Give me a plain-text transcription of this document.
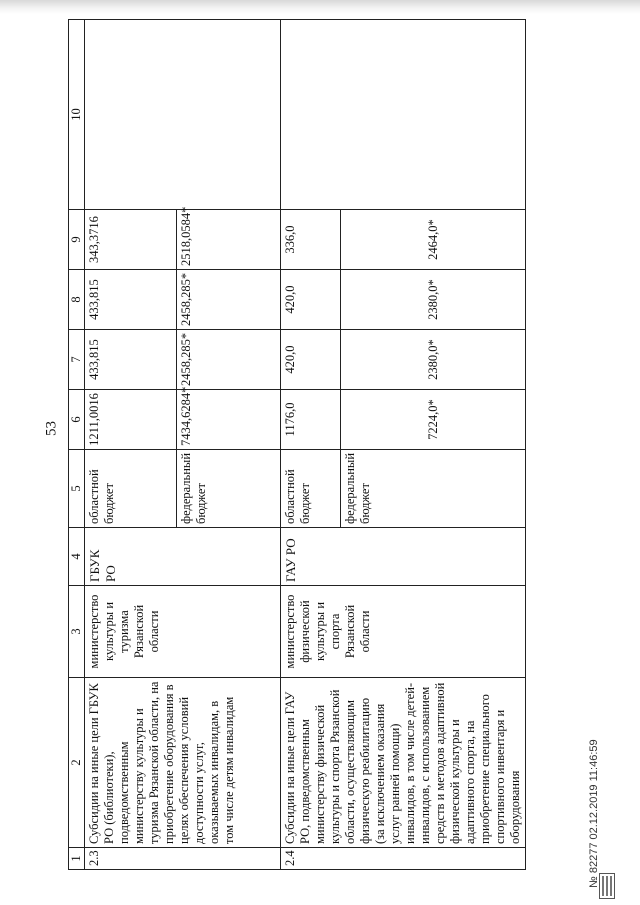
53
1	2	3	4	5	6	7	8	9	10
2.3	Субсидии на иные цели ГБУК РО (библиотеки), подведомственным министерству культуры и туризма Рязанской области, на приобретение оборудования в целях обеспечения условий доступности услуг, оказываемых инвалидам, в том числе детям инвалидам	министерство культуры и туризма Рязанской области	ГБУК РО	областной бюджет	1211,0016	433,815	433,815	343,3716	
				федеральный бюджет	7434,6284*	2458,285*	2458,285*	2518,0584*	
2.4	Субсидии на иные цели ГАУ РО, подведомственным министерству физической культуры и спорта Рязанской области, осуществляющим физическую реабилитацию (за исключением оказания услуг ранней помощи) инвалидов, в том числе детей-инвалидов, с использованием средств и методов адаптивной физической культуры и адаптивного спорта, на приобретение специального спортивного инвентаря и оборудования	министерство физической культуры и спорта Рязанской области	ГАУ РО	областной бюджет	1176,0	420,0	420,0	336,0	
				федеральный бюджет	7224,0*	2380,0*	2380,0*	2464,0*	
№ 82277 02.12.2019 11:46:59
